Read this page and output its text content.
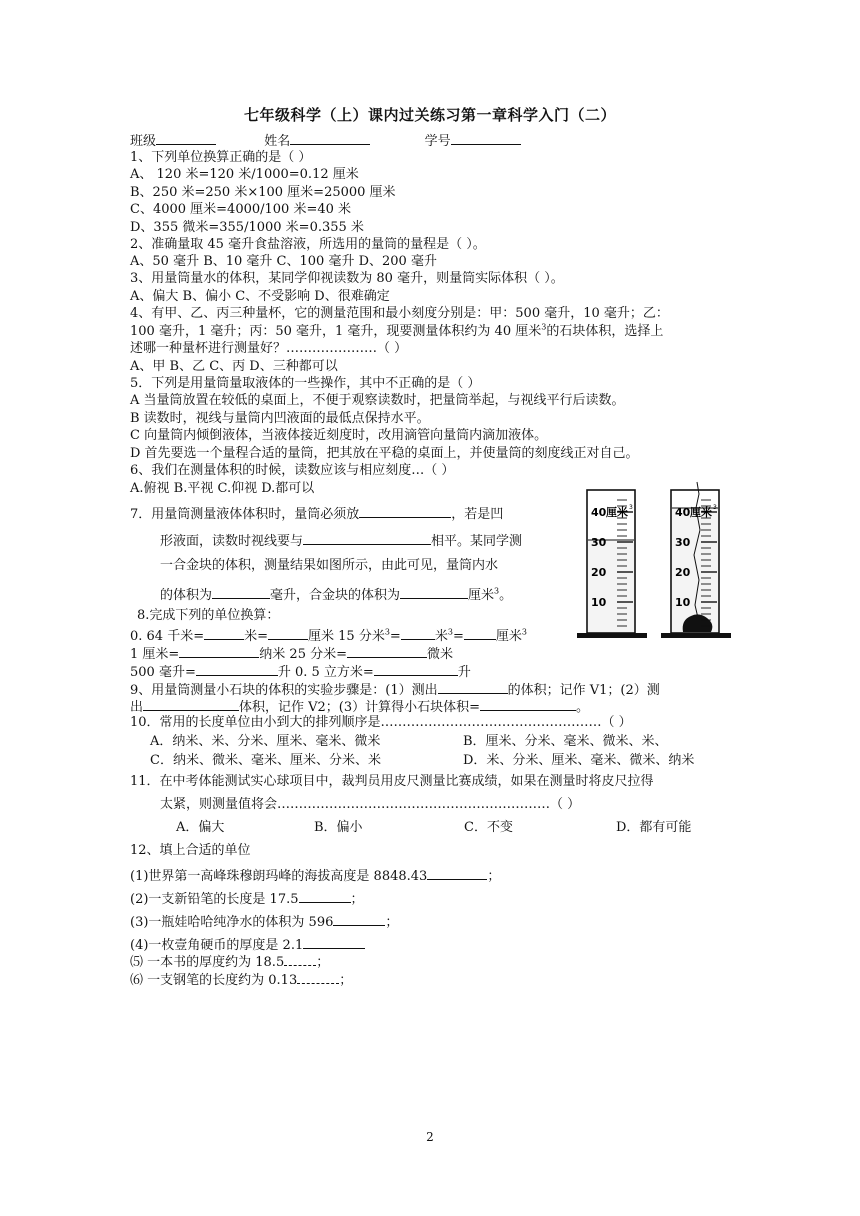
七年级科学（上）课内过关练习第一章科学入门（二）
班级	姓名	学号
1、下列单位换算正确的是（ ）
A、 120 米=120 米/1000=0.12 厘米
B、250 米=250 米×100 厘米=25000 厘米
C、4000 厘米=4000/100 米=40 米
D、355 微米=355/1000 米=0.355 米
2、准确量取 45 毫升食盐溶液，所选用的量筒的量程是（ ）。
A、50 毫升 B、10 毫升 C、100 毫升 D、200 毫升
3、用量筒量水的体积，某同学仰视读数为 80 毫升，则量筒实际体积（ ）。
A、偏大 B、偏小 C、不受影响 D、很难确定
4、有甲、乙、丙三种量杯，它的测量范围和最小刻度分别是：甲：500 毫升，10 毫升；乙：
100 毫升，1 毫升；丙：50 毫升，1 毫升，现要测量体积约为 40 厘米$^3$的石块体积，选择上
述哪一种量杯进行测量好？…………………（ ）
A、甲 B、乙 C、丙 D、三种都可以
5．下列是用量筒量取液体的一些操作，其中不正确的是（ ）
A 当量筒放置在较低的桌面上，不便于观察读数时，把量筒举起，与视线平行后读数。
B 读数时，视线与量筒内凹液面的最低点保持水平。
C 向量筒内倾倒液体，当液体接近刻度时，改用滴管向量筒内滴加液体。
D 首先要选一个量程合适的量筒，把其放在平稳的桌面上，并使量筒的刻度线正对自己。
6、我们在测量体积的时候，读数应该与相应刻度…（ ）
A.俯视 B.平视 C.仰视 D.都可以
7．用量筒测量液体体积时，量筒必须放	，若是凹
形液面，读数时视线要与	相平。某同学测
一合金块的体积，测量结果如图所示，由此可见，量筒内水
的体积为	毫升，合金块的体积为	厘米$^3$。
8.完成下列的单位换算：
0. 64 千米=	米=	厘米 15 分米$^3$=	米$^3$= 厘米$^3$
1 厘米=	纳米 25 分米=	微米
500 毫升=	升 0. 5 立方米=	升
9、用量筒测量小石块的体积的实验步骤是：(1）测出	的体积；记作 V1；(2）测
出	体积，记作 V2；(3）计算得小石块体积=	。
10．常用的长度单位由小到大的排列顺序是……………………………………………（ ）
A．纳米、米、分米、厘米、毫米、微米	B．厘米、分米、毫米、微米、米、
C．纳米、微米、毫米、厘米、分米、米	D．米、分米、厘米、毫米、微米、纳米
11．在中考体能测试实心球项目中，裁判员用皮尺测量比赛成绩，如果在测量时将皮尺拉得
太紧，则测量值将会………………………………………………………（ ）
A．偏大	B．偏小	C．不变	D．都有可能
12、填上合适的单位
(1)世界第一高峰珠穆朗玛峰的海拔高度是 8848.43	；
(2)一支新铅笔的长度是 17.5	；
(3)一瓶娃哈哈纯净水的体积为 596	；
(4)一枚壹角硬币的厚度是 2.1
⑸ 一本书的厚度约为 18.5 ；
⑹ 一支钢笔的长度约为 0.13	；
40 厘米 3
30
20
10
40 厘米 3
30
20
10
2
